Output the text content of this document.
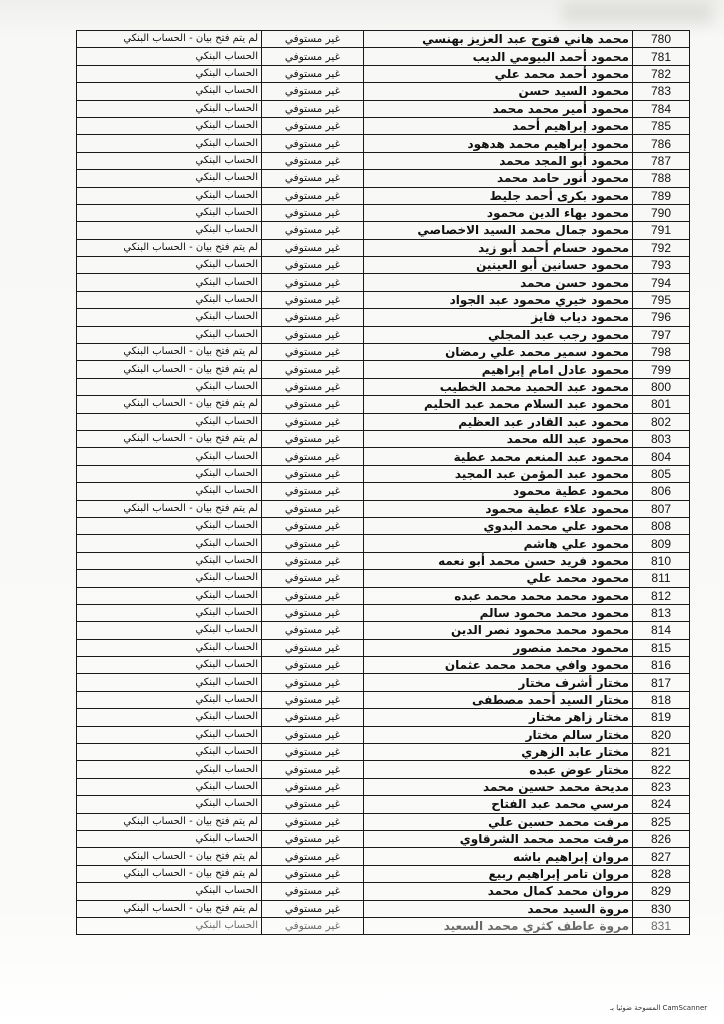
780	محمد هاني فتوح عبد العزيز بهنسي	غير مستوفي	لم يتم فتح بيان - الحساب البنكي
781	محمود أحمد البيومي الديب	غير مستوفي	الحساب البنكي
782	محمود أحمد محمد علي	غير مستوفي	الحساب البنكي
783	محمود السيد حسن	غير مستوفي	الحساب البنكي
784	محمود أمير محمد محمد	غير مستوفي	الحساب البنكي
785	محمود إبراهيم أحمد	غير مستوفي	الحساب البنكي
786	محمود إبراهيم محمد هدهود	غير مستوفي	الحساب البنكي
787	محمود أبو المجد محمد	غير مستوفي	الحساب البنكي
788	محمود أنور حامد محمد	غير مستوفي	الحساب البنكي
789	محمود بكرى أحمد جليط	غير مستوفي	الحساب البنكي
790	محمود بهاء الدين محمود	غير مستوفي	الحساب البنكي
791	محمود جمال محمد السيد الاخصاصي	غير مستوفي	الحساب البنكي
792	محمود حسام أحمد أبو زيد	غير مستوفي	لم يتم فتح بيان - الحساب البنكي
793	محمود حسانين أبو العينين	غير مستوفي	الحساب البنكي
794	محمود حسن محمد	غير مستوفي	الحساب البنكي
795	محمود خيري محمود عبد الجواد	غير مستوفي	الحساب البنكي
796	محمود دياب فايز	غير مستوفي	الحساب البنكي
797	محمود رجب عبد المجلي	غير مستوفي	الحساب البنكي
798	محمود سمير محمد علي رمضان	غير مستوفي	لم يتم فتح بيان - الحساب البنكي
799	محمود عادل امام إبراهيم	غير مستوفي	لم يتم فتح بيان - الحساب البنكي
800	محمود عبد الحميد محمد الخطيب	غير مستوفي	الحساب البنكي
801	محمود عبد السلام محمد عبد الحليم	غير مستوفي	لم يتم فتح بيان - الحساب البنكي
802	محمود عبد القادر عبد العظيم	غير مستوفي	الحساب البنكي
803	محمود عبد الله محمد	غير مستوفي	لم يتم فتح بيان - الحساب البنكي
804	محمود عبد المنعم محمد عطية	غير مستوفي	الحساب البنكي
805	محمود عبد المؤمن عبد المجيد	غير مستوفي	الحساب البنكي
806	محمود عطية محمود	غير مستوفي	الحساب البنكي
807	محمود علاء عطية محمود	غير مستوفي	لم يتم فتح بيان - الحساب البنكي
808	محمود علي محمد البدوي	غير مستوفي	الحساب البنكي
809	محمود علي هاشم	غير مستوفي	الحساب البنكي
810	محمود فريد حسن محمد أبو نعمه	غير مستوفي	الحساب البنكي
811	محمود محمد علي	غير مستوفي	الحساب البنكي
812	محمود محمد محمد محمد عبده	غير مستوفي	الحساب البنكي
813	محمود محمد محمود سالم	غير مستوفي	الحساب البنكي
814	محمود محمد محمود نصر الدين	غير مستوفي	الحساب البنكي
815	محمود محمد منصور	غير مستوفي	الحساب البنكي
816	محمود وافي محمد محمد عثمان	غير مستوفي	الحساب البنكي
817	مختار أشرف مختار	غير مستوفي	الحساب البنكي
818	مختار السيد أحمد مصطفى	غير مستوفي	الحساب البنكي
819	مختار زاهر مختار	غير مستوفي	الحساب البنكي
820	مختار سالم مختار	غير مستوفي	الحساب البنكي
821	مختار عابد الزهري	غير مستوفي	الحساب البنكي
822	مختار عوض عبده	غير مستوفي	الحساب البنكي
823	مديحة محمد حسين محمد	غير مستوفي	الحساب البنكي
824	مرسي محمد عبد الفتاح	غير مستوفي	الحساب البنكي
825	مرفت محمد حسين علي	غير مستوفي	لم يتم فتح بيان - الحساب البنكي
826	مرفت محمد محمد الشرقاوي	غير مستوفي	الحساب البنكي
827	مروان إبراهيم باشه	غير مستوفي	لم يتم فتح بيان - الحساب البنكي
828	مروان تامر إبراهيم ربيع	غير مستوفي	لم يتم فتح بيان - الحساب البنكي
829	مروان محمد كمال محمد	غير مستوفي	الحساب البنكي
830	مروة السيد محمد	غير مستوفي	لم يتم فتح بيان - الحساب البنكي
831	مروة عاطف كثري محمد السعيد	غير مستوفي	الحساب البنكي
المسوحة ضوئيا بـ CamScanner
